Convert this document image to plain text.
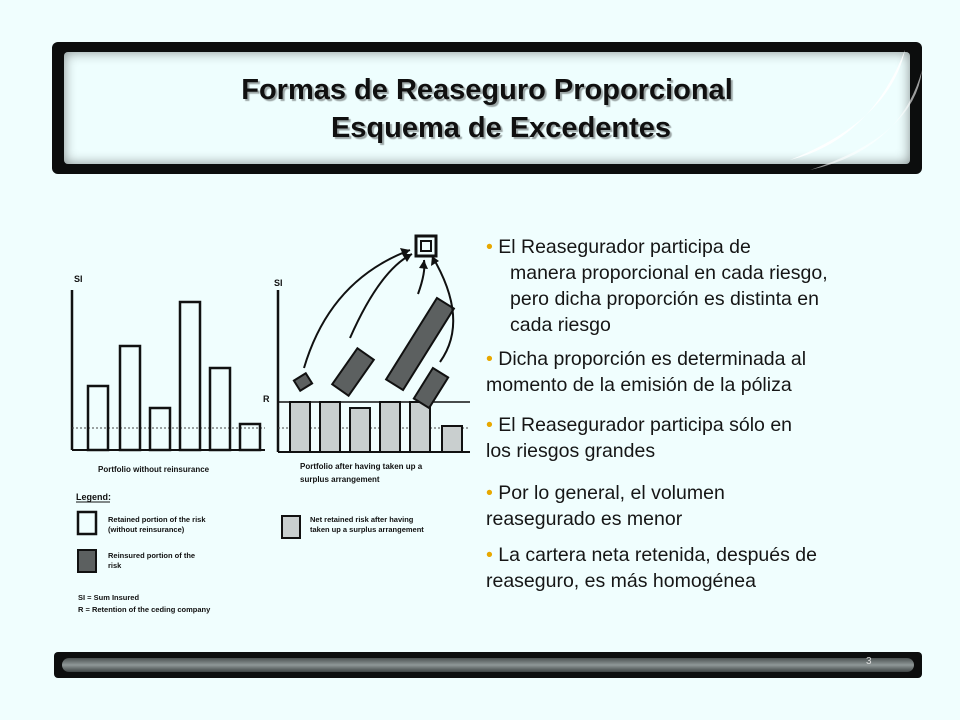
Formas de Reaseguro Proporcional
Esquema de Excedentes
SI
Portfolio without reinsurance
SI
R
Portfolio after having taken up a
surplus arrangement
Legend:
Retained portion of the risk
(without reinsurance)
Reinsured portion of the
risk
Net retained risk after having
taken up a surplus arrangement
SI = Sum Insured
R = Retention of the ceding company
• El Reasegurador participa de
manera proporcional en cada riesgo,
pero dicha proporción es distinta en
cada riesgo
• Dicha proporción es determinada al
momento de la emisión de la póliza
• El Reasegurador participa sólo en
los riesgos grandes
• Por lo general, el volumen
reasegurado es menor
• La cartera neta retenida, después de
reaseguro, es más homogénea
3
